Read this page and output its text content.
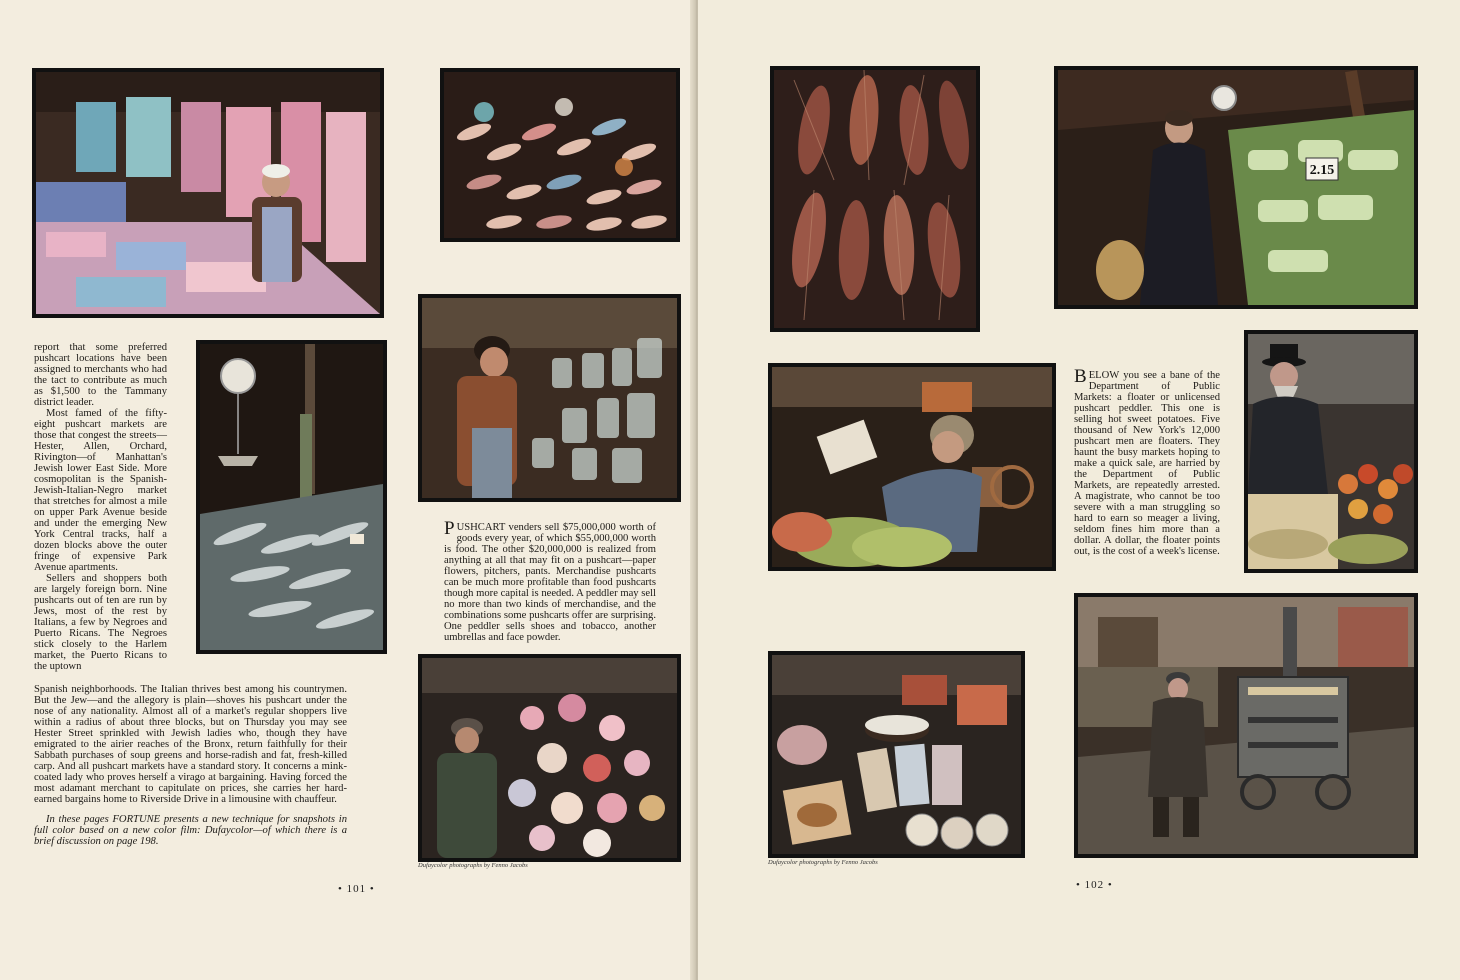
report that some preferred pushcart locations have been assigned to merchants who had the tact to contribute as much as $1,500 to the Tammany district leader.

Most famed of the fifty-eight pushcart markets are those that congest the streets—Hester, Allen, Orchard, Rivington—of Manhattan's Jewish lower East Side. More cosmopolitan is the Spanish-Jewish-Italian-Negro market that stretches for almost a mile on upper Park Avenue beside and under the emerging New York Central tracks, half a dozen blocks above the outer fringe of expensive Park Avenue apartments.

Sellers and shoppers both are largely foreign born. Nine pushcarts out of ten are run by Jews, most of the rest by Italians, a few by Negroes and Puerto Ricans. The Negroes stick closely to the Harlem market, the Puerto Ricans to the uptown

Spanish neighborhoods. The Italian thrives best among his countrymen. But the Jew—and the allegory is plain—shoves his pushcart under the nose of any nationality. Almost all of a market's regular shoppers live within a radius of about three blocks, but on Thursday you may see Hester Street sprinkled with Jewish ladies who, though they have emigrated to the airier reaches of the Bronx, return faithfully for their Sabbath purchases of soup greens and horse-radish and fat, fresh-killed carp. And all pushcart markets have a standard story. It concerns a mink-coated lady who proves herself a virago at bargaining. Having forced the most adamant merchant to capitulate on prices, she carries her hard-earned bargains home to Riverside Drive in a limousine with chauffeur.

In these pages FORTUNE presents a new technique for snapshots in full color based on a new color film: Dufaycolor—of which there is a brief discussion on page 198.

PUSHCART venders sell $75,000,000 worth of goods every year, of which $55,000,000 worth is food. The other $20,000,000 is realized from anything at all that may fit on a pushcart—paper flowers, pitchers, pants. Merchandise pushcarts can be much more profitable than food pushcarts though more capital is needed. A peddler may sell no more than two kinds of merchandise, and the combinations some pushcarts offer are surprising. One peddler sells shoes and tobacco, another umbrellas and face powder.
Dufaycolor photographs by Fenno Jacobs
• 101 •
2.15
BELOW you see a bane of the Department of Public Markets: a floater or unlicensed pushcart peddler. This one is selling hot sweet potatoes. Five thousand of New York's 12,000 pushcart men are floaters. They haunt the busy markets hoping to make a quick sale, are harried by the Department of Public Markets, are repeatedly arrested. A magistrate, who cannot be too severe with a man struggling so hard to earn so meager a living, seldom fines him more than a dollar. A dollar, the floater points out, is the cost of a week's license.
Dufaycolor photographs by Fenno Jacobs
• 102 •
